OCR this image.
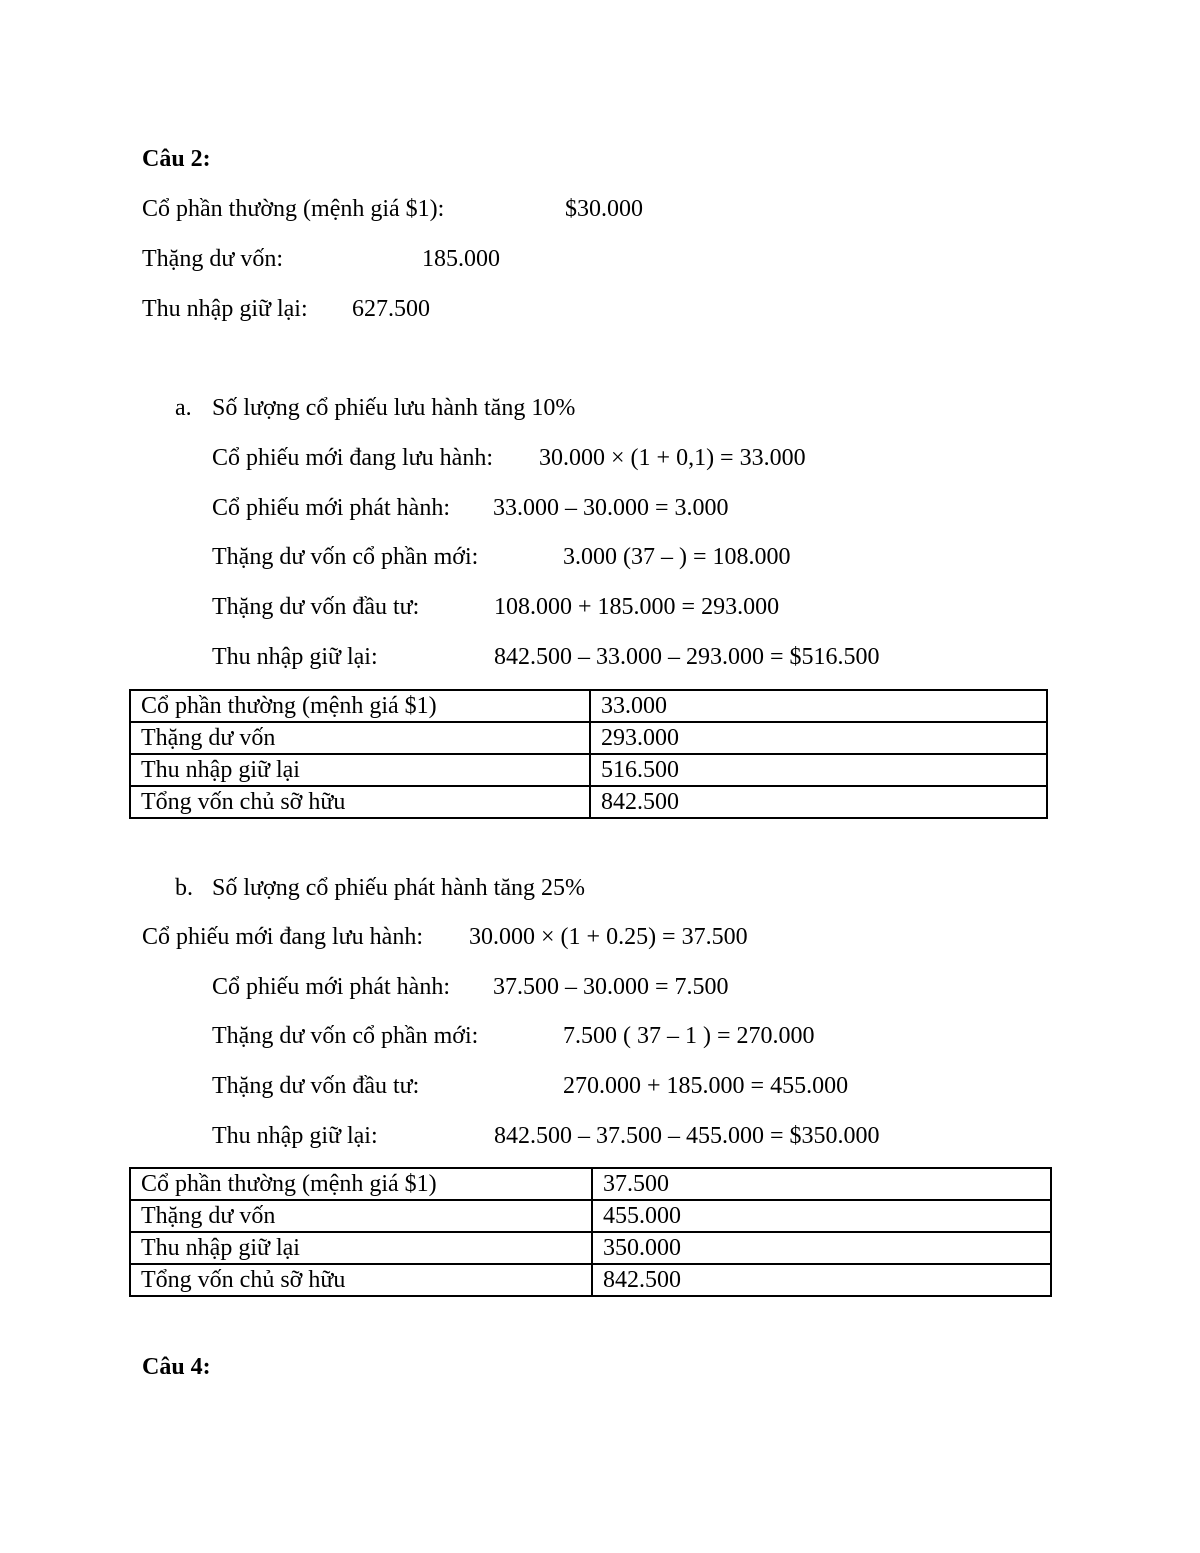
Câu 2:
Cổ phần thường (mệnh giá $1):	$30.000
Thặng dư vốn:	185.000
Thu nhập giữ lại: 627.500
a. Số lượng cổ phiếu lưu hành tăng 10%
Cổ phiếu mới đang lưu hành: 30.000 × (1 + 0,1) = 33.000
Cổ phiếu mới phát hành: 33.000 – 30.000 = 3.000
Thặng dư vốn cổ phần mới:	3.000 (37 – ) = 108.000
Thặng dư vốn đầu tư:	108.000 + 185.000 = 293.000
Thu nhập giữ lại:	842.500 – 33.000 – 293.000 = $516.500
Cổ phần thường (mệnh giá $1)	33.000
Thặng dư vốn	293.000
Thu nhập giữ lại	516.500
Tổng vốn chủ sỡ hữu	842.500
b. Số lượng cổ phiếu phát hành tăng 25%
Cổ phiếu mới đang lưu hành: 30.000 × (1 + 0.25) = 37.500
Cổ phiếu mới phát hành: 37.500 – 30.000 = 7.500
Thặng dư vốn cổ phần mới:	7.500 ( 37 – 1 ) = 270.000
Thặng dư vốn đầu tư:	270.000 + 185.000 = 455.000
Thu nhập giữ lại:	842.500 – 37.500 – 455.000 = $350.000
Cổ phần thường (mệnh giá $1)	37.500
Thặng dư vốn	455.000
Thu nhập giữ lại	350.000
Tổng vốn chủ sỡ hữu	842.500
Câu 4:
